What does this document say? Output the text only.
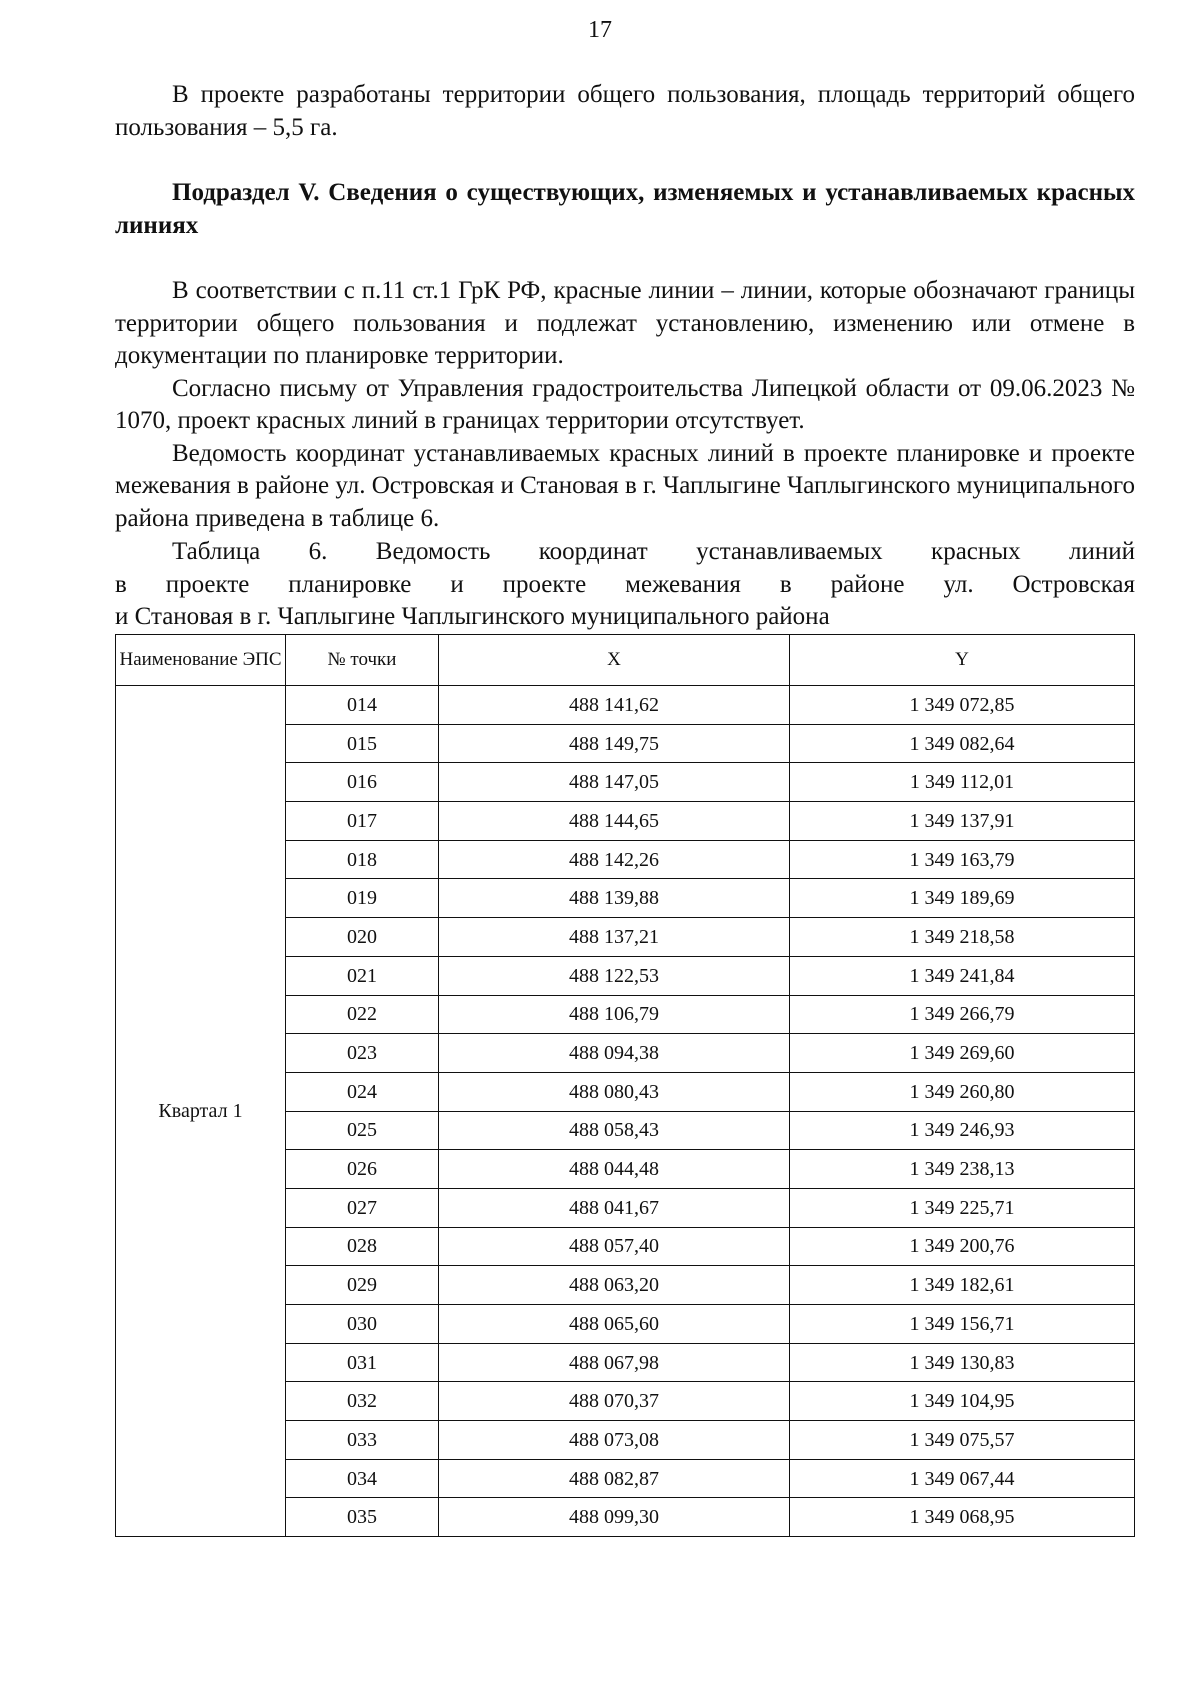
17

В проекте разработаны территории общего пользования, площадь территорий общего пользования – 5,5 га.

Подраздел V. Сведения о существующих, изменяемых и устанавливаемых красных линиях

В соответствии с п.11 ст.1 ГрК РФ, красные линии – линии, которые обозначают границы территории общего пользования и подлежат установлению, изменению или отмене в документации по планировке территории.

Согласно письму от Управления градостроительства Липецкой области от 09.06.2023 № 1070, проект красных линий в границах территории отсутствует.

Ведомость координат устанавливаемых красных линий в проекте планировке и проекте межевания в районе ул. Островская и Становая в г. Чаплыгине Чаплыгинского муниципального района приведена в таблице 6.

Таблица 6. Ведомость координат устанавливаемых красных линий

в проекте планировке и проекте межевания в районе ул. Островская

и Становая в г. Чаплыгине Чаплыгинского муниципального района

Наименование ЭПС	№ точки	X	Y
Квартал 1	014	488 141,62	1 349 072,85
	015	488 149,75	1 349 082,64
	016	488 147,05	1 349 112,01
	017	488 144,65	1 349 137,91
	018	488 142,26	1 349 163,79
	019	488 139,88	1 349 189,69
	020	488 137,21	1 349 218,58
	021	488 122,53	1 349 241,84
	022	488 106,79	1 349 266,79
	023	488 094,38	1 349 269,60
	024	488 080,43	1 349 260,80
	025	488 058,43	1 349 246,93
	026	488 044,48	1 349 238,13
	027	488 041,67	1 349 225,71
	028	488 057,40	1 349 200,76
	029	488 063,20	1 349 182,61
	030	488 065,60	1 349 156,71
	031	488 067,98	1 349 130,83
	032	488 070,37	1 349 104,95
	033	488 073,08	1 349 075,57
	034	488 082,87	1 349 067,44
	035	488 099,30	1 349 068,95
